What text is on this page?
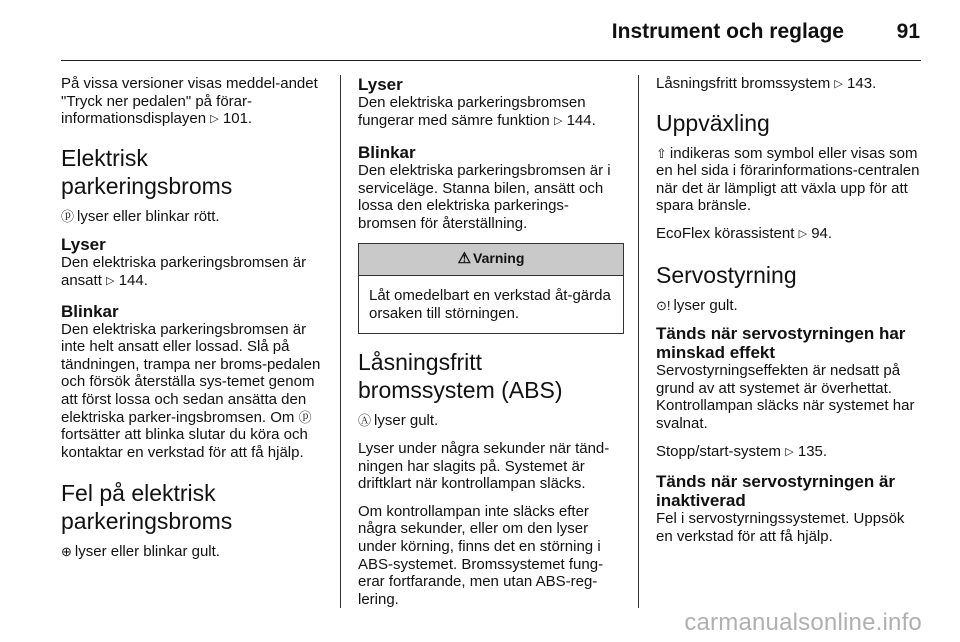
Instrument och reglage	91

På vissa versioner visas meddel-andet "Tryck ner pedalen" på förar-informationsdisplayen ▷ 101.

Elektrisk parkeringsbroms

ⓟ lyser eller blinkar rött.

Lyser

Den elektriska parkeringsbromsen är ansatt ▷ 144.

Blinkar

Den elektriska parkeringsbromsen är inte helt ansatt eller lossad. Slå på tändningen, trampa ner broms-pedalen och försök återställa sys-temet genom att först lossa och sedan ansätta den elektriska parker-ingsbromsen. Om ⓟfortsätter att blinka slutar du köra och kontaktar en verkstad för att få hjälp.

Fel på elektrisk parkeringsbroms

⊕ lyser eller blinkar gult.

Lyser

Den elektriska parkeringsbromsen fungerar med sämre funktion ▷ 144.

Blinkar

Den elektriska parkeringsbromsen är i serviceläge. Stanna bilen, ansätt och lossa den elektriska parkerings-bromsen för återställning.

⚠ Varning
Låt omedelbart en verkstad åt-gärda orsaken till störningen.
Låsningsfritt bromssystem (ABS)

Ⓐ lyser gult.

Lyser under några sekunder när tänd-ningen har slagits på. Systemet är driftklart när kontrollampan släcks.

Om kontrollampan inte släcks efter några sekunder, eller om den lyser under körning, finns det en störning i ABS-systemet. Bromssystemet fung-erar fortfarande, men utan ABS-reg-lering.

Låsningsfritt bromssystem ▷ 143.

Uppväxling

⇧ indikeras som symbol eller visas som en hel sida i förarinformations-centralen när det är lämpligt att växla upp för att spara bränsle.

EcoFlex körassistent ▷ 94.

Servostyrning

⊙! lyser gult.

Tänds när servostyrningen har minskad effekt

Servostyrningseffekten är nedsatt på grund av att systemet är överhettat. Kontrollampan släcks när systemet har svalnat.

Stopp/start-system ▷ 135.

Tänds när servostyrningen är inaktiverad

Fel i servostyrningssystemet. Uppsök en verkstad för att få hjälp.

carmanualsonline.info
